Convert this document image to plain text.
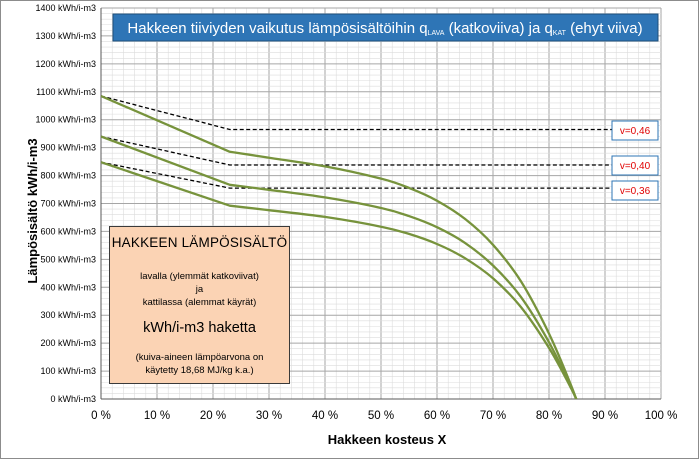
0 kWh/i-m3
100 kWh/i-m3
200 kWh/i-m3
300 kWh/i-m3
400 kWh/i-m3
500 kWh/i-m3
600 kWh/i-m3
700 kWh/i-m3
800 kWh/i-m3
900 kWh/i-m3
1000 kWh/i-m3
1100 kWh/i-m3
1200 kWh/i-m3
1300 kWh/i-m3
1400 kWh/i-m3
0 %	10 %	20 %	30 %	40 %	50 %	60 %	70 %	80 %	90 % 100 %
Hakkeen tiiviyden vaikutus lämpösisältöihin qLAVA (katkoviiva) ja qKAT (ehyt viiva)
Hakkeen kosteus X
Lämpösisältö kWh/i-m3
v=0,46
v=0,40
v=0,36
HAKKEEN LÄMPÖSISÄLTÖ
lavalla (ylemmät katkoviivat)
ja
kattilassa (alemmat käyrät)
kWh/i-m3 haketta
(kuiva-aineen lämpöarvona on
käytetty 18,68 MJ/kg k.a.)
